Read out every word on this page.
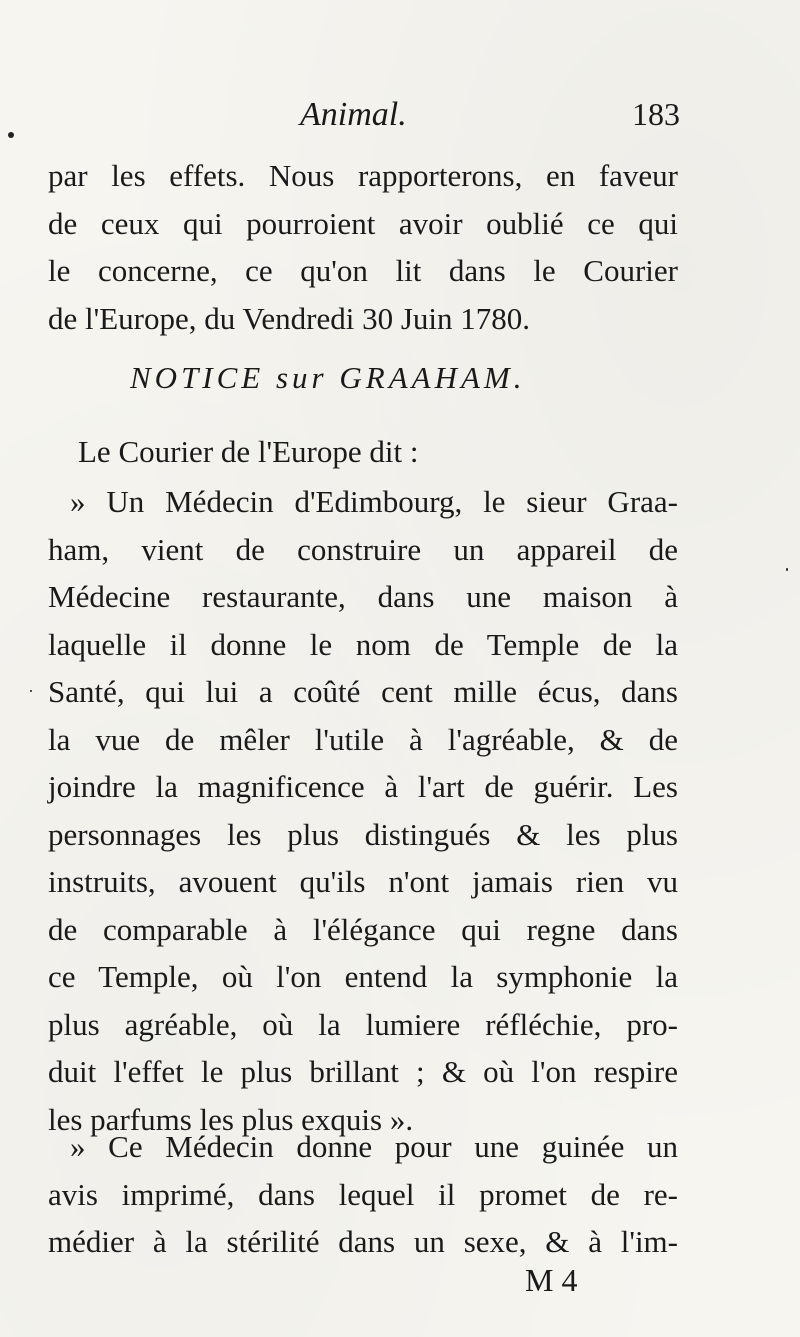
Animal.	183
par les effets. Nous rapporterons, en faveur
de ceux qui pourroient avoir oublié ce qui
le concerne, ce qu'on lit dans le Courier
de l'Europe, du Vendredi 30 Juin 1780.
NOTICE sur GRAAHAM.
Le Courier de l'Europe dit :
» Un Médecin d'Edimbourg, le sieur Graa-
ham, vient de construire un appareil de
Médecine restaurante, dans une maison à
laquelle il donne le nom de Temple de la
Santé, qui lui a coûté cent mille écus, dans
la vue de mêler l'utile à l'agréable, & de
joindre la magnificence à l'art de guérir. Les
personnages les plus distingués & les plus
instruits, avouent qu'ils n'ont jamais rien vu
de comparable à l'élégance qui regne dans
ce Temple, où l'on entend la symphonie la
plus agréable, où la lumiere réfléchie, pro-
duit l'effet le plus brillant ; & où l'on respire
les parfums les plus exquis ».
» Ce Médecin donne pour une guinée un
avis imprimé, dans lequel il promet de re-
médier à la stérilité dans un sexe, & à l'im-
M 4
